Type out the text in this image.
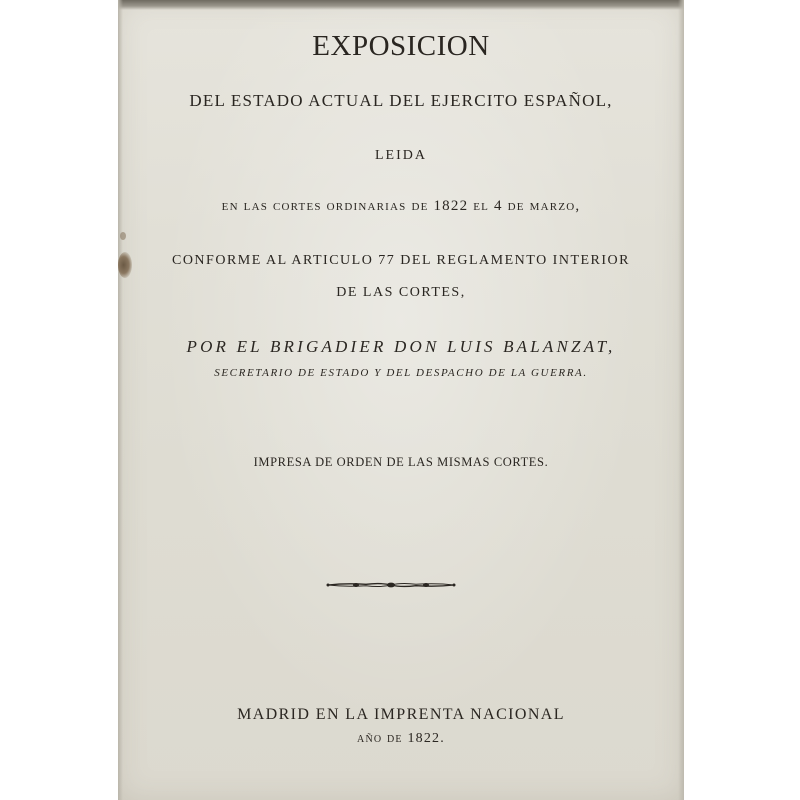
EXPOSICION
DEL ESTADO ACTUAL DEL EJERCITO ESPAÑOL,
LEIDA
en las cortes ordinarias de 1822 el 4 de marzo,
CONFORME AL ARTICULO 77 DEL REGLAMENTO INTERIOR
DE LAS CORTES,
POR EL BRIGADIER DON LUIS BALANZAT,
SECRETARIO DE ESTADO Y DEL DESPACHO DE LA GUERRA.
IMPRESA DE ORDEN DE LAS MISMAS CORTES.
MADRID EN LA IMPRENTA NACIONAL
año de 1822.
